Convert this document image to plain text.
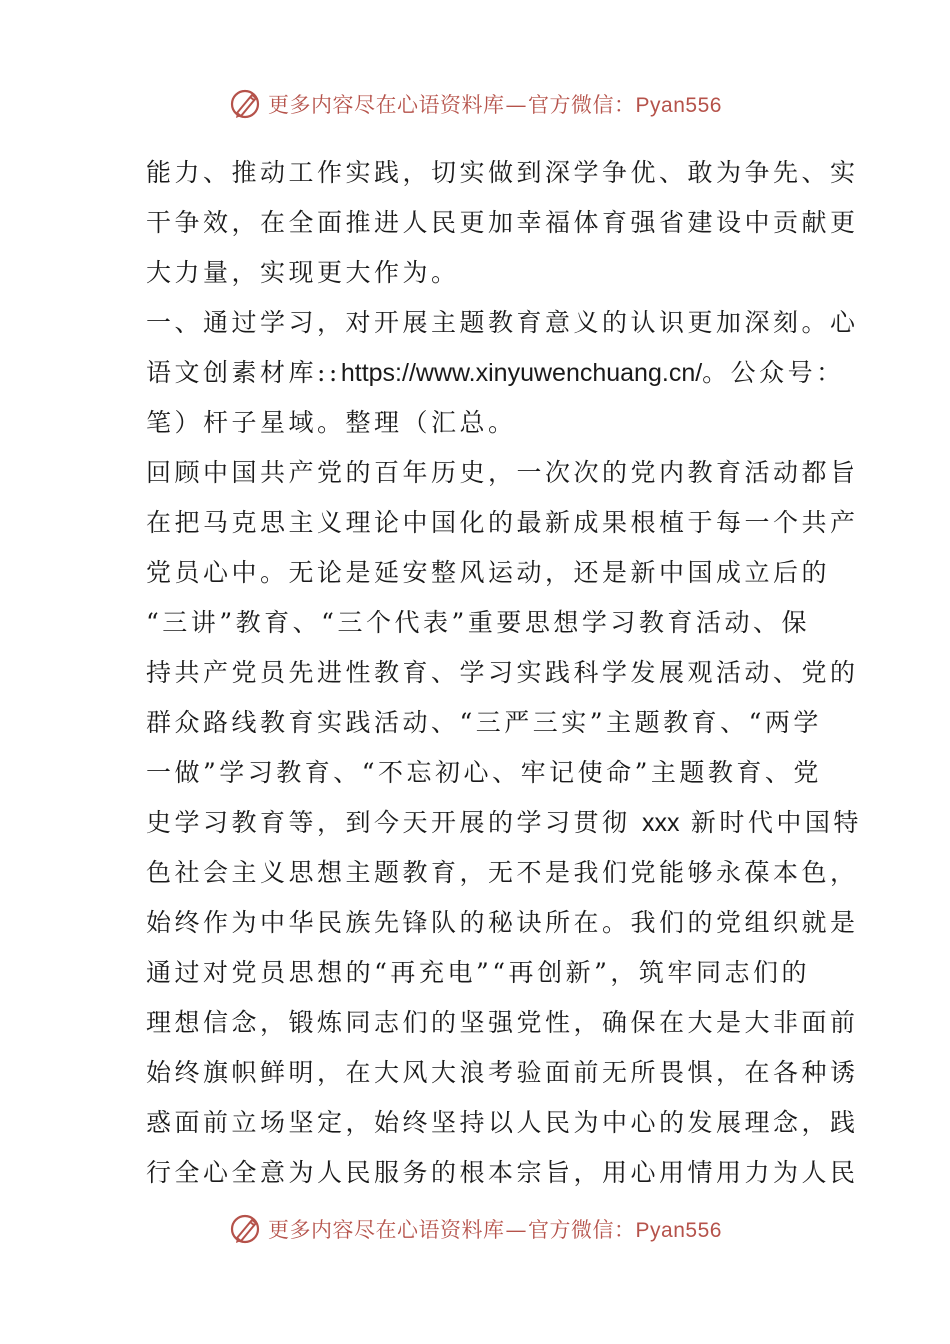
更多内容尽在心语资料库—官方微信：Pyan556
能力、推动工作实践，切实做到深学争优、敢为争先、实
干争效，在全面推进人民更加幸福体育强省建设中贡献更
大力量，实现更大作为。
一、通过学习，对开展主题教育意义的认识更加深刻。心
语文创素材库::https://www.xinyuwenchuang.cn/。公众号：
笔）杆子星域。整理（汇总。
回顾中国共产党的百年历史，一次次的党内教育活动都旨
在把马克思主义理论中国化的最新成果根植于每一个共产
党员心中。无论是延安整风运动，还是新中国成立后的
“三讲”教育、“三个代表”重要思想学习教育活动、保
持共产党员先进性教育、学习实践科学发展观活动、党的
群众路线教育实践活动、“三严三实”主题教育、“两学
一做”学习教育、“不忘初心、牢记使命”主题教育、党
史学习教育等，到今天开展的学习贯彻 xxx 新时代中国特
色社会主义思想主题教育，无不是我们党能够永葆本色，
始终作为中华民族先锋队的秘诀所在。我们的党组织就是
通过对党员思想的“再充电”“再创新”，筑牢同志们的
理想信念，锻炼同志们的坚强党性，确保在大是大非面前
始终旗帜鲜明，在大风大浪考验面前无所畏惧，在各种诱
惑面前立场坚定，始终坚持以人民为中心的发展理念，践
行全心全意为人民服务的根本宗旨，用心用情用力为人民
更多内容尽在心语资料库—官方微信：Pyan556
